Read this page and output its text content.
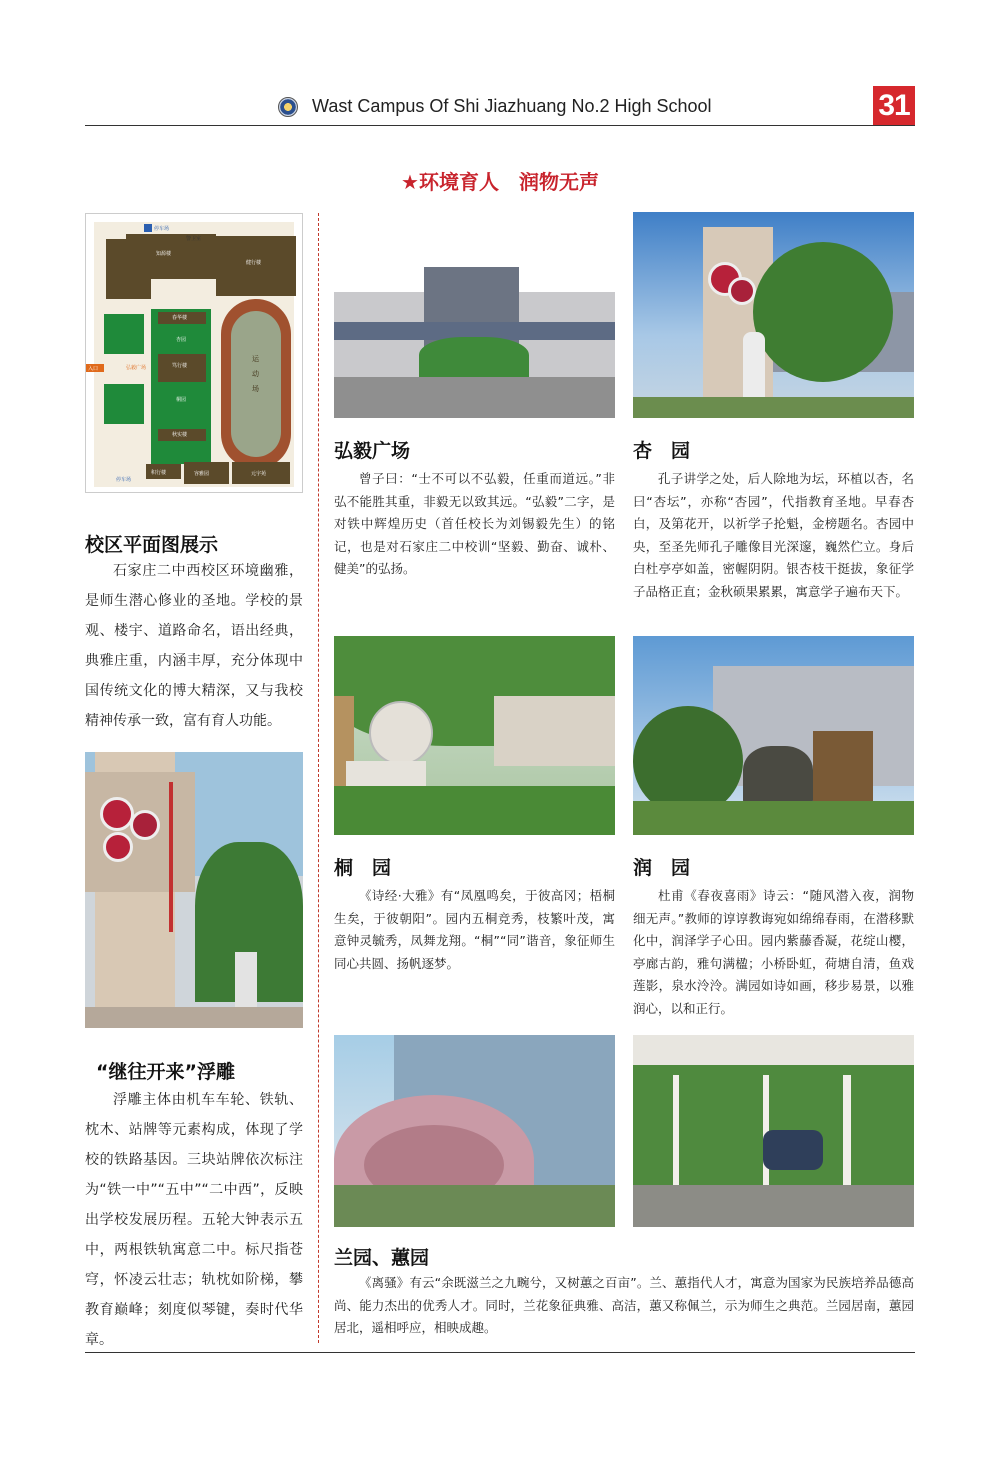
Wast Campus Of Shi Jiazhuang No.2 High School	31
★环境育人　润物无声
知源楼
健行楼
停车场
警卫室
春华楼
笃行楼
秋实楼
杏园
桐园
运
动
场
积行楼	容雅园	元宇苑
停车场
入口	弘毅广场
校区平面图展示

石家庄二中西校区环境幽雅，是师生潜心修业的圣地。学校的景观、楼宇、道路命名，语出经典，典雅庄重，内涵丰厚，充分体现中国传统文化的博大精深，又与我校精神传承一致，富有育人功能。

“继往开来”浮雕

浮雕主体由机车车轮、铁轨、枕木、站牌等元素构成，体现了学校的铁路基因。三块站牌依次标注为“铁一中”“五中”“二中西”，反映出学校发展历程。五轮大钟表示五中，两根铁轨寓意二中。标尺指苍穹，怀凌云壮志；轨枕如阶梯，攀教育巅峰；刻度似琴键，奏时代华章。

弘毅广场

曾子曰：“士不可以不弘毅，任重而道远。”非弘不能胜其重，非毅无以致其远。“弘毅”二字，是对铁中辉煌历史（首任校长为刘锡毅先生）的铭记，也是对石家庄二中校训“坚毅、勤奋、诚朴、健美”的弘扬。

杏　园

孔子讲学之处，后人除地为坛，环植以杏，名曰“杏坛”，亦称“杏园”，代指教育圣地。早春杏白，及第花开，以祈学子抡魁，金榜题名。杏园中央，至圣先师孔子雕像目光深邃，巍然伫立。身后白杜亭亭如盖，密幄阴阴。银杏枝干挺拔，象征学子品格正直；金秋硕果累累，寓意学子遍布天下。

桐　园

《诗经·大雅》有“凤凰鸣矣，于彼高冈；梧桐生矣，于彼朝阳”。园内五桐竞秀，枝繁叶茂，寓意钟灵毓秀，凤舞龙翔。“桐”“同”谐音，象征师生同心共圆、扬帆逐梦。

润　园

杜甫《春夜喜雨》诗云：“随风潜入夜，润物细无声。”教师的谆谆教诲宛如绵绵春雨，在潜移默化中，润泽学子心田。园内紫藤香凝，花绽山樱，亭廊古韵，雅句满楹；小桥卧虹，荷塘自清，鱼戏莲影，泉水泠泠。满园如诗如画，移步易景，以雅润心，以和正行。

兰园、蕙园

《离骚》有云“余既滋兰之九畹兮，又树蕙之百亩”。兰、蕙指代人才，寓意为国家为民族培养品德高尚、能力杰出的优秀人才。同时，兰花象征典雅、高洁，蕙又称佩兰，示为师生之典范。兰园居南，蕙园居北，遥相呼应，相映成趣。
